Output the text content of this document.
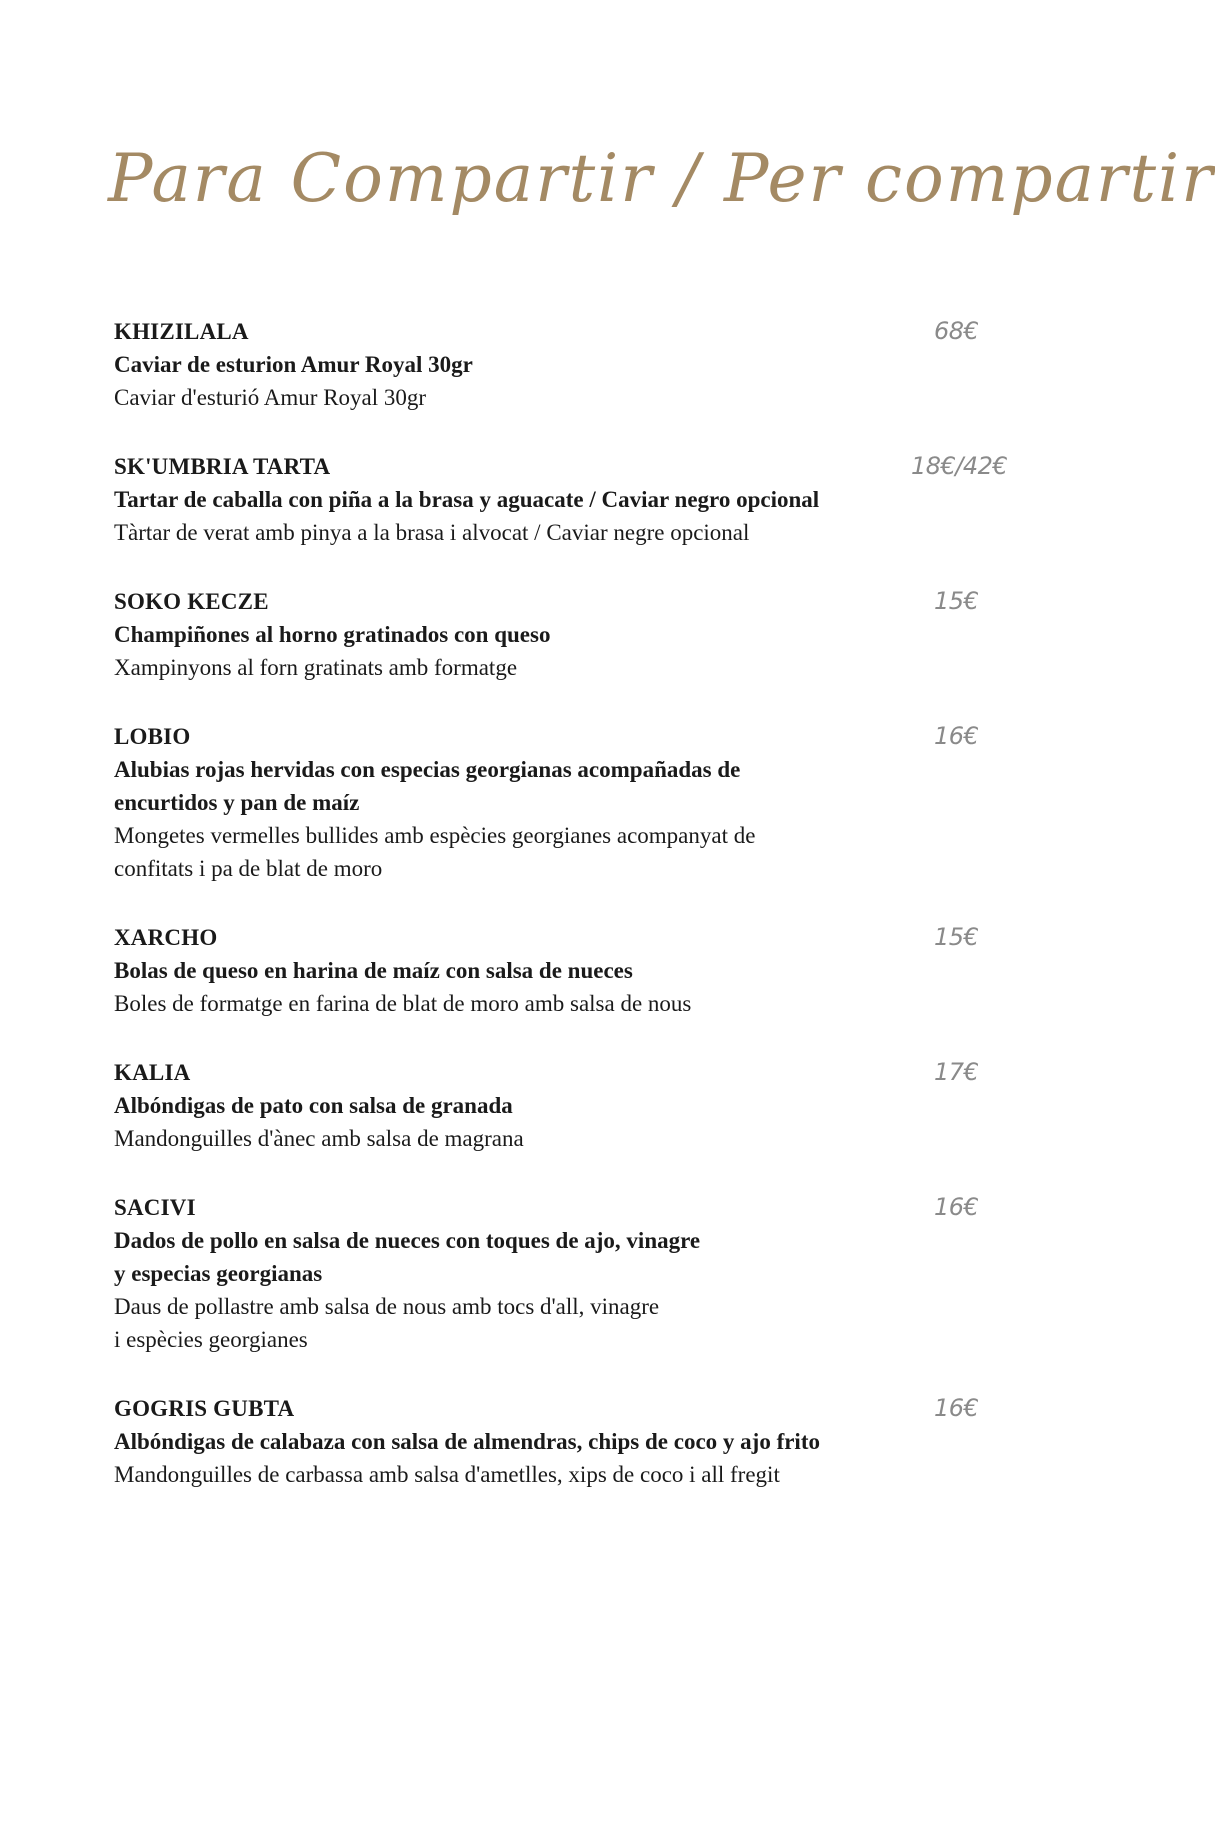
Para Compartir / Per compartir
KHIZILALA
Caviar de esturion Amur Royal 30gr
Caviar d'esturió Amur Royal 30gr
68€
SK'UMBRIA TARTA
Tartar de caballa con piña a la brasa y aguacate / Caviar negro opcional
Tàrtar de verat amb pinya a la brasa i alvocat / Caviar negre opcional
18€/42€
SOKO KECZE
Champiñones al horno gratinados con queso
Xampinyons al forn gratinats amb formatge
15€
LOBIO
Alubias rojas hervidas con especias georgianas acompañadas de
encurtidos y pan de maíz
Mongetes vermelles bullides amb espècies georgianes acompanyat de
confitats i pa de blat de moro
16€
XARCHO
Bolas de queso en harina de maíz con salsa de nueces
Boles de formatge en farina de blat de moro amb salsa de nous
15€
KALIA
Albóndigas de pato con salsa de granada
Mandonguilles d'ànec amb salsa de magrana
17€
SACIVI
Dados de pollo en salsa de nueces con toques de ajo, vinagre
y especias georgianas
Daus de pollastre amb salsa de nous amb tocs d'all, vinagre
i espècies georgianes
16€
GOGRIS GUBTA
Albóndigas de calabaza con salsa de almendras, chips de coco y ajo frito
Mandonguilles de carbassa amb salsa d'ametlles, xips de coco i all fregit
16€
